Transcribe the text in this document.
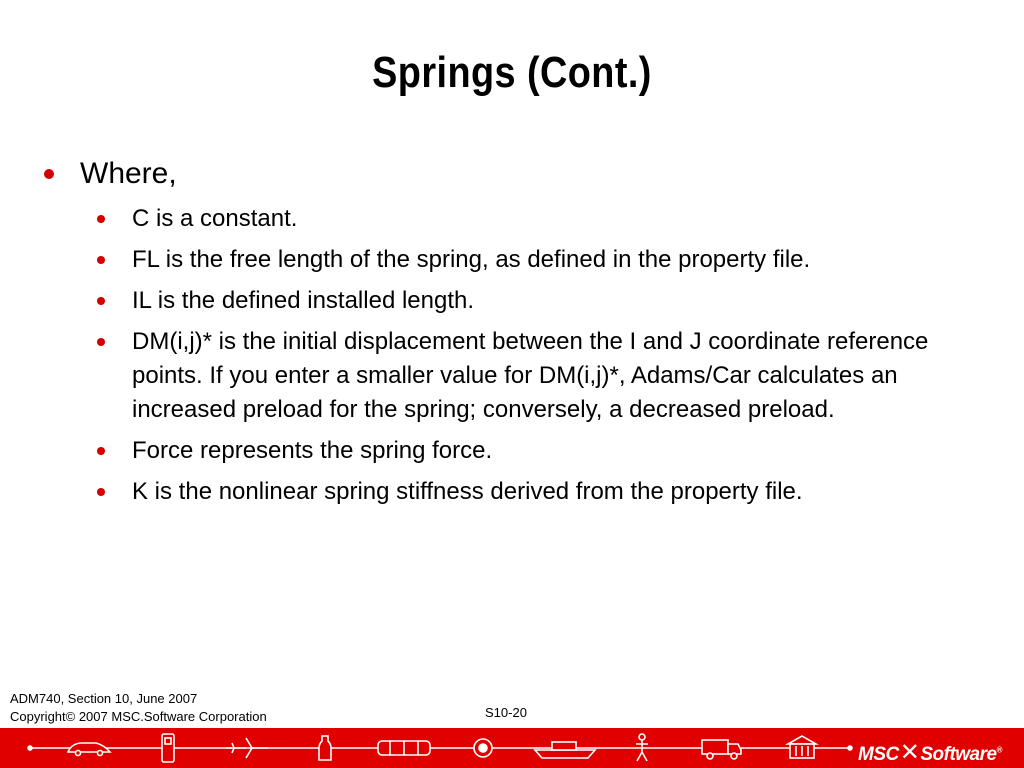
Springs (Cont.)
Where,
C is a constant.
FL is the free length of the spring, as defined in the property file.
IL is the defined installed length.
DM(i,j)* is the initial displacement between the I and J coordinate reference points. If you enter a smaller value for DM(i,j)*, Adams/Car calculates an increased preload for the spring; conversely, a decreased preload.
Force represents the spring force.
K is the nonlinear spring stiffness derived from the property file.
ADM740, Section 10, June 2007
Copyright© 2007 MSC.Software Corporation	S10-20
MSC✕Software®
